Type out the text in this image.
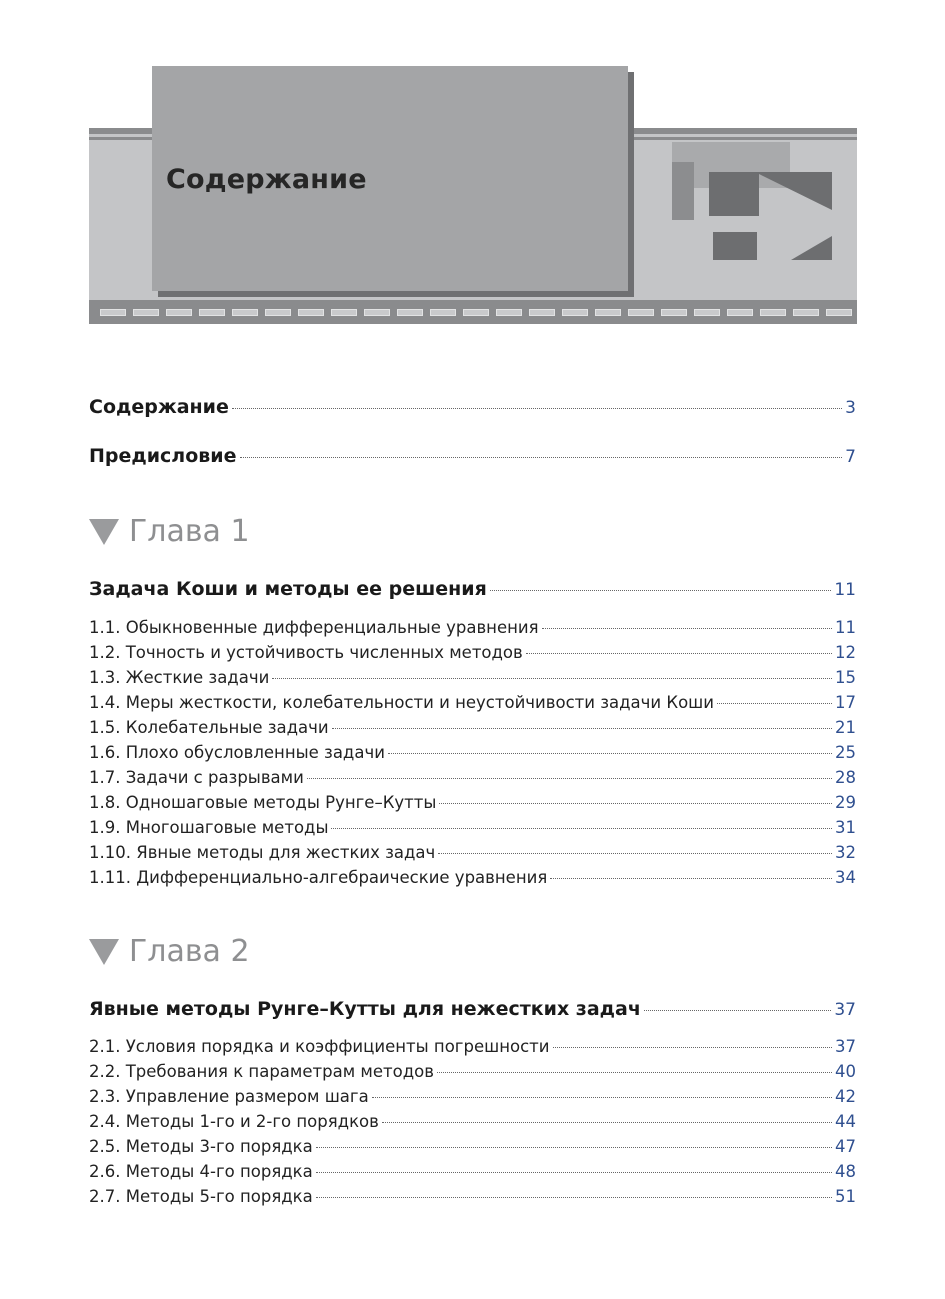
Содержание
Содержание	3
Предисловие	7
Глава 1
Задача Коши и методы ее решения	11
1.1. Обыкновенные дифференциальные уравнения	11
1.2. Точность и устойчивость численных методов	12
1.3. Жесткие задачи	15
1.4. Меры жесткости, колебательности и неустойчивости задачи Коши	17
1.5. Колебательные задачи	21
1.6. Плохо обусловленные задачи	25
1.7. Задачи с разрывами	28
1.8. Одношаговые методы Рунге–Кутты	29
1.9. Многошаговые методы	31
1.10. Явные методы для жестких задач	32
1.11. Дифференциально-алгебраические уравнения	34
Глава 2
Явные методы Рунге–Кутты для нежестких задач	37
2.1. Условия порядка и коэффициенты погрешности	37
2.2. Требования к параметрам методов	40
2.3. Управление размером шага	42
2.4. Методы 1-го и 2-го порядков	44
2.5. Методы 3-го порядка	47
2.6. Методы 4-го порядка	48
2.7. Методы 5-го порядка	51
